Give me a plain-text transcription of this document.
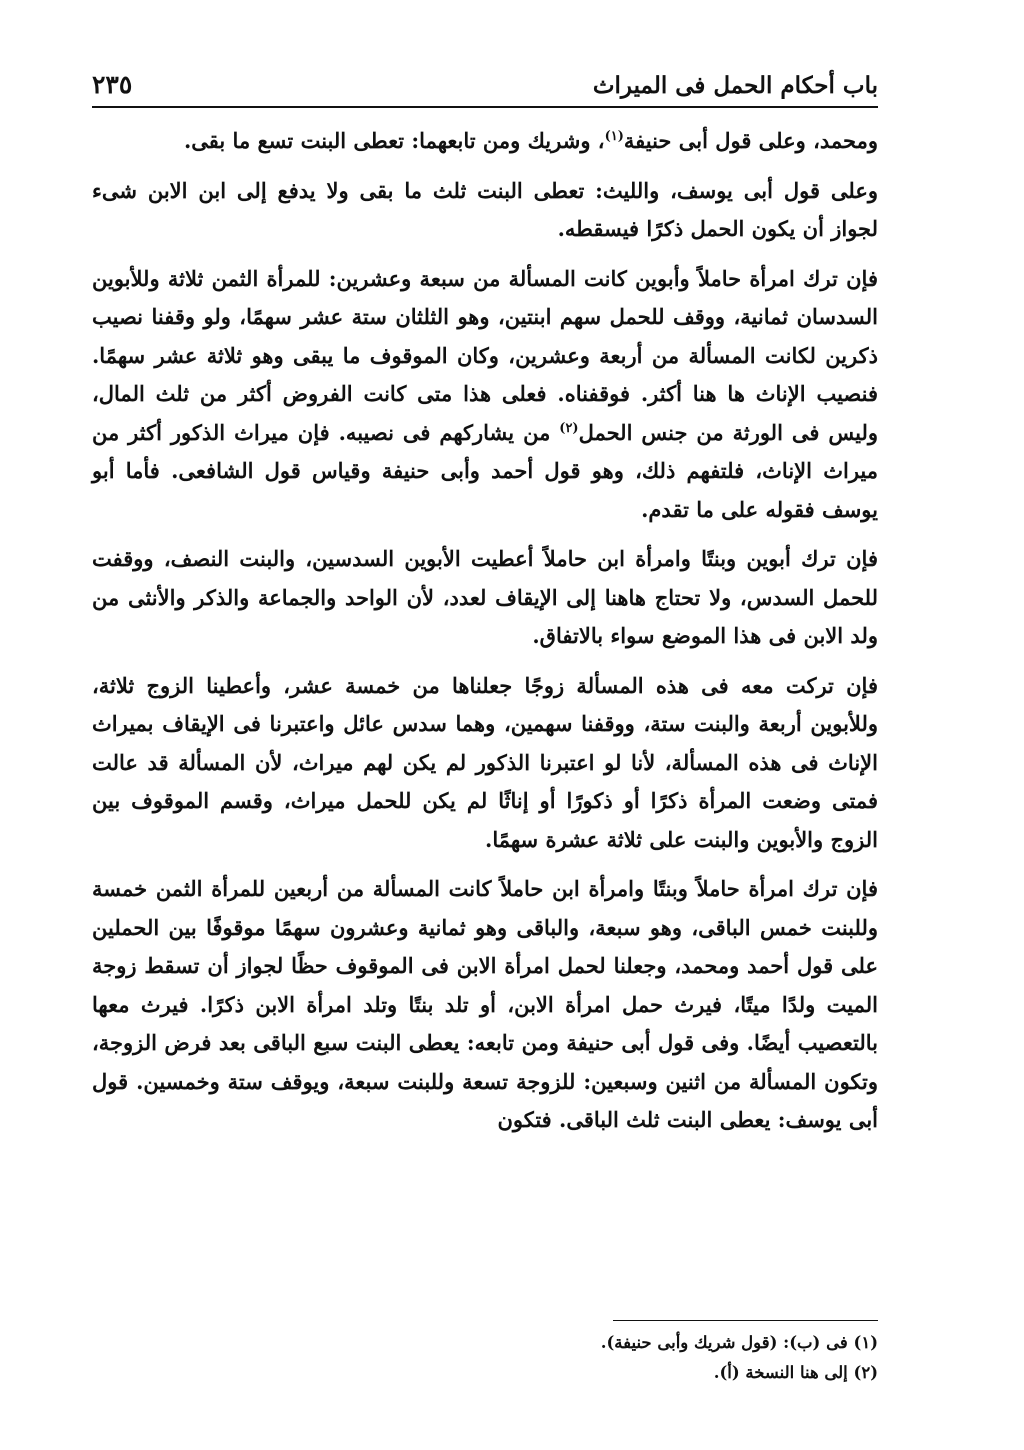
باب أحكام الحمل فى الميراث
٢٣٥

ومحمد، وعلى قول أبى حنيفة$^{(١)}$، وشريك ومن تابعهما: تعطى البنت تسع ما بقى.

وعلى قول أبى يوسف، والليث: تعطى البنت ثلث ما بقى ولا يدفع إلى ابن الابن شىء لجواز أن يكون الحمل ذكرًا فيسقطه.

فإن ترك امرأة حاملاً وأبوين كانت المسألة من سبعة وعشرين: للمرأة الثمن ثلاثة وللأبوين السدسان ثمانية، ووقف للحمل سهم ابنتين، وهو الثلثان ستة عشر سهمًا، ولو وقفنا نصيب ذكرين لكانت المسألة من أربعة وعشرين، وكان الموقوف ما يبقى وهو ثلاثة عشر سهمًا. فنصيب الإناث ها هنا أكثر. فوقفناه. فعلى هذا متى كانت الفروض أكثر من ثلث المال، وليس فى الورثة من جنس الحمل$^{(٢)}$ من يشاركهم فى نصيبه. فإن ميراث الذكور أكثر من ميراث الإناث، فلتفهم ذلك، وهو قول أحمد وأبى حنيفة وقياس قول الشافعى. فأما أبو يوسف فقوله على ما تقدم.

فإن ترك أبوين وبنتًا وامرأة ابن حاملاً أعطيت الأبوين السدسين، والبنت النصف، ووقفت للحمل السدس، ولا تحتاج هاهنا إلى الإيقاف لعدد، لأن الواحد والجماعة والذكر والأنثى من ولد الابن فى هذا الموضع سواء بالاتفاق.

فإن تركت معه فى هذه المسألة زوجًا جعلناها من خمسة عشر، وأعطينا الزوج ثلاثة، وللأبوين أربعة والبنت ستة، ووقفنا سهمين، وهما سدس عائل واعتبرنا فى الإيقاف بميراث الإناث فى هذه المسألة، لأنا لو اعتبرنا الذكور لم يكن لهم ميراث، لأن المسألة قد عالت فمتى وضعت المرأة ذكرًا أو ذكورًا أو إناثًا لم يكن للحمل ميراث، وقسم الموقوف بين الزوج والأبوين والبنت على ثلاثة عشرة سهمًا.

فإن ترك امرأة حاملاً وبنتًا وامرأة ابن حاملاً كانت المسألة من أربعين للمرأة الثمن خمسة وللبنت خمس الباقى، وهو سبعة، والباقى وهو ثمانية وعشرون سهمًا موقوفًا بين الحملين على قول أحمد ومحمد، وجعلنا لحمل امرأة الابن فى الموقوف حظًا لجواز أن تسقط زوجة الميت ولدًا ميتًا، فيرث حمل امرأة الابن، أو تلد بنتًا وتلد امرأة الابن ذكرًا. فيرث معها بالتعصيب أيضًا. وفى قول أبى حنيفة ومن تابعه: يعطى البنت سبع الباقى بعد فرض الزوجة، وتكون المسألة من اثنين وسبعين: للزوجة تسعة وللبنت سبعة، ويوقف ستة وخمسين. قول أبى يوسف: يعطى البنت ثلث الباقى. فتكون

(١) فى (ب): (قول شريك وأبى حنيفة).
(٢) إلى هنا النسخة (أ).
